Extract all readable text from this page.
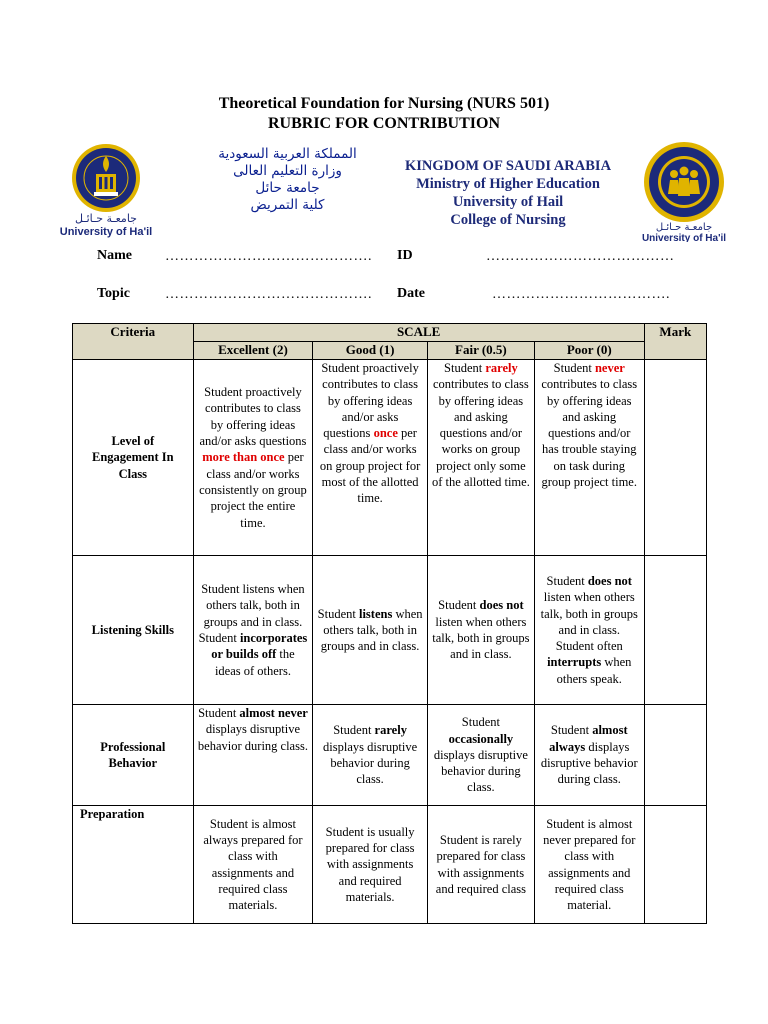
Theoretical Foundation for Nursing (NURS 501)
RUBRIC FOR CONTRIBUTION
جامعـة حـائـل
University of Ha'il
المملكة العربية السعودية
وزارة التعليم العالى
جامعة حائل
كلية التمريض
KINGDOM OF SAUDI ARABIA
Ministry of Higher Education
University of Hail
College of Nursing	جامعـة حـائـل
University of Ha'il
Name ……………………………………. ID	…………………………………
Topic	……………………………………. Date	……………………………….
Criteria	SCALE				Mark
	Excellent (2)	Good (1)	Fair (0.5)	Poor (0)	
Level of Engagement In Class	Student proactively contributes to class by offering ideas and/or asks questions more than once per class and/or works consistently on group project the entire time.	Student proactively contributes to class by offering ideas and/or asks questions once per class and/or works on group project for most of the allotted time.	Student rarely contributes to class by offering ideas and asking questions and/or works on group project only some of the allotted time.	Student never contributes to class by offering ideas and asking questions and/or has trouble staying on task during group project time.	
Listening Skills	Student listens when others talk, both in groups and in class. Student incorporates or builds off the ideas of others.	Student listens when others talk, both in groups and in class.	Student does not listen when others talk, both in groups and in class.	Student does not listen when others talk, both in groups and in class. Student often interrupts when others speak.	
Professional Behavior	Student almost never displays disruptive behavior during class.	Student rarely displays disruptive behavior during class.	Student occasionally displays disruptive behavior during class.	Student almost always displays disruptive behavior during class.	
Preparation	Student is almost always prepared for class with assignments and required class materials.	Student is usually prepared for class with assignments and required materials.	Student is rarely prepared for class with assignments and required class	Student is almost never prepared for class with assignments and required class material.	
